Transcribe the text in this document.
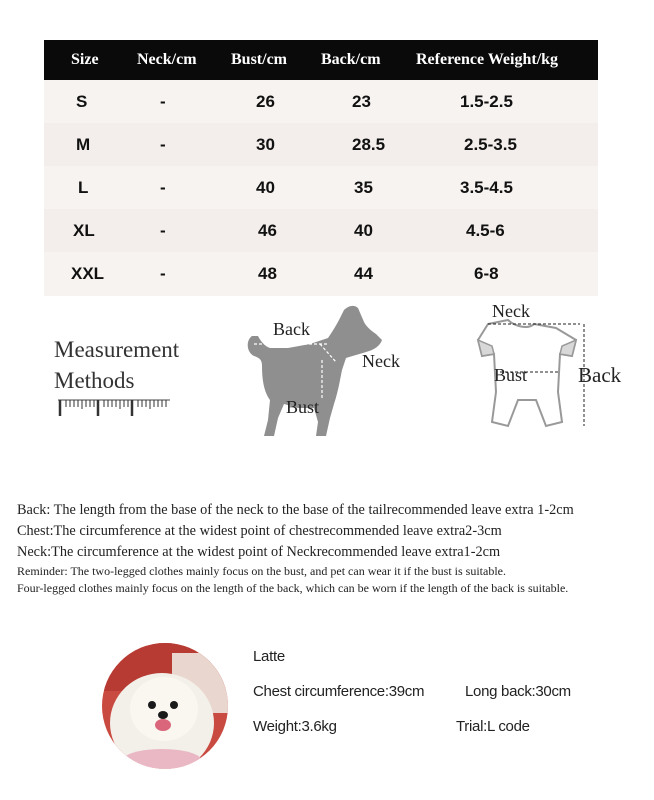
Size Neck/cm Bust/cm Back/cm Reference Weight/kg
S	-	26	23	1.5-2.5
M	-	30	28.5	2.5-3.5
L	-	40	35	3.5-4.5
XL	-	46	40	4.5-6
XXL	-	48	44	6-8
Measurement
Methods
Back
Neck
Bust
Neck
Bust Back
Back: The length from the base of the neck to the base of the tailrecommended leave extra 1-2cm
Chest:The circumference at the widest point of chestrecommended leave extra2-3cm
Neck:The circumference at the widest point of Neckrecommended leave extra1-2cm
Reminder: The two-legged clothes mainly focus on the bust, and pet can wear it if the bust is suitable.
Four-legged clothes mainly focus on the length of the back, which can be worn if the length of the back is suitable.
Latte
Chest circumference:39cm	Long back:30cm
Weight:3.6kg	Trial:L code
